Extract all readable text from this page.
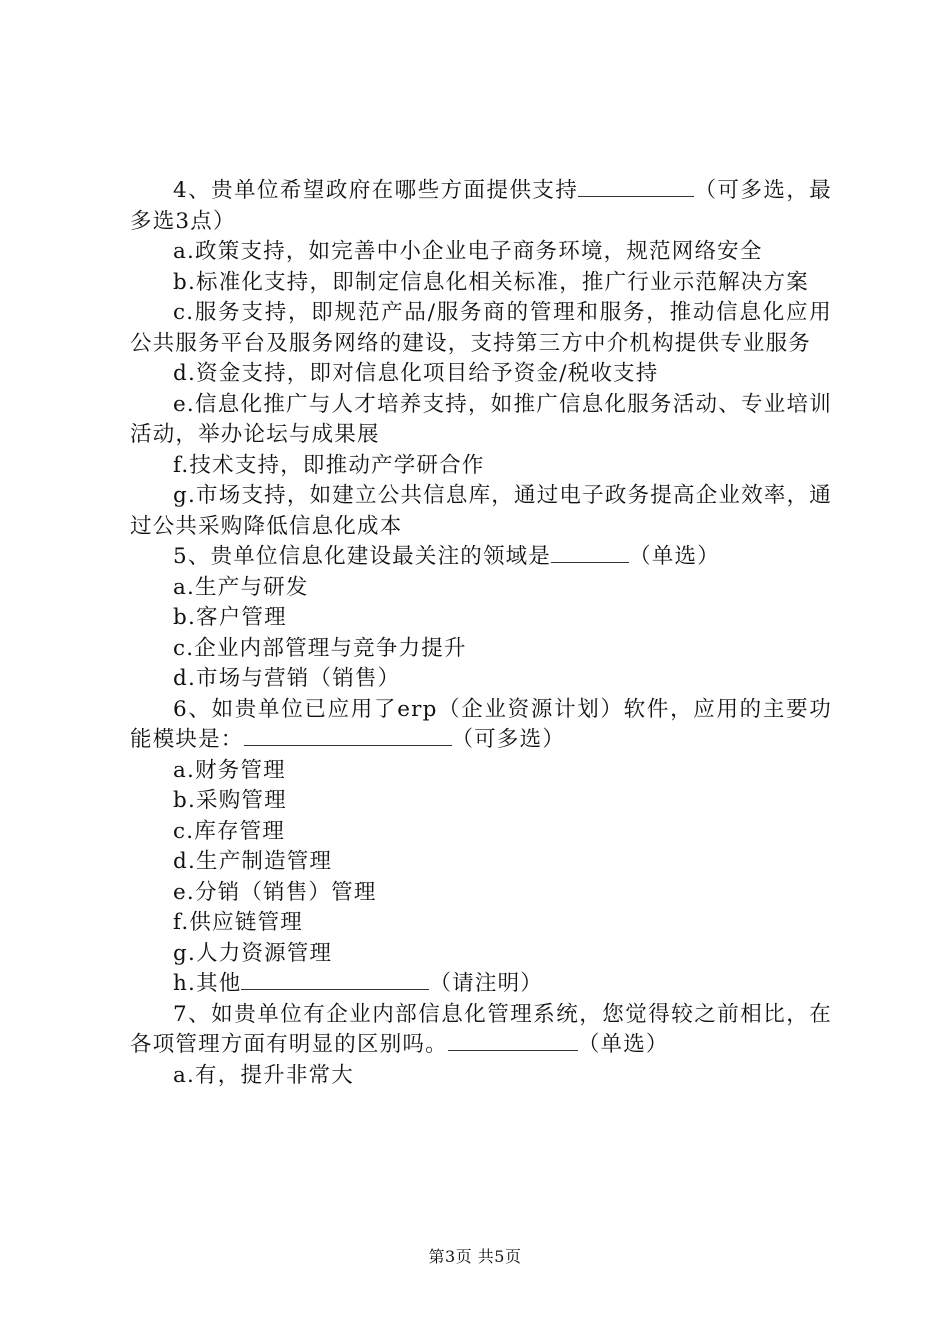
4、贵单位希望政府在哪些方面提供支持	（可多选，最多选3点）

a.政策支持，如完善中小企业电子商务环境，规范网络安全

b.标准化支持，即制定信息化相关标准，推广行业示范解决方案

c.服务支持，即规范产品/服务商的管理和服务，推动信息化应用公共服务平台及服务网络的建设，支持第三方中介机构提供专业服务

d.资金支持，即对信息化项目给予资金/税收支持

e.信息化推广与人才培养支持，如推广信息化服务活动、专业培训活动，举办论坛与成果展

f.技术支持，即推动产学研合作

g.市场支持，如建立公共信息库，通过电子政务提高企业效率，通过公共采购降低信息化成本

5、贵单位信息化建设最关注的领域是	（单选）

a.生产与研发

b.客户管理

c.企业内部管理与竞争力提升

d.市场与营销（销售）

6、如贵单位已应用了erp（企业资源计划）软件，应用的主要功能模块是：	（可多选）

a.财务管理

b.采购管理

c.库存管理

d.生产制造管理

e.分销（销售）管理

f.供应链管理

g.人力资源管理

h.其他	（请注明）

7、如贵单位有企业内部信息化管理系统，您觉得较之前相比，在各项管理方面有明显的区别吗。	（单选）

a.有，提升非常大

第3页 共5页
